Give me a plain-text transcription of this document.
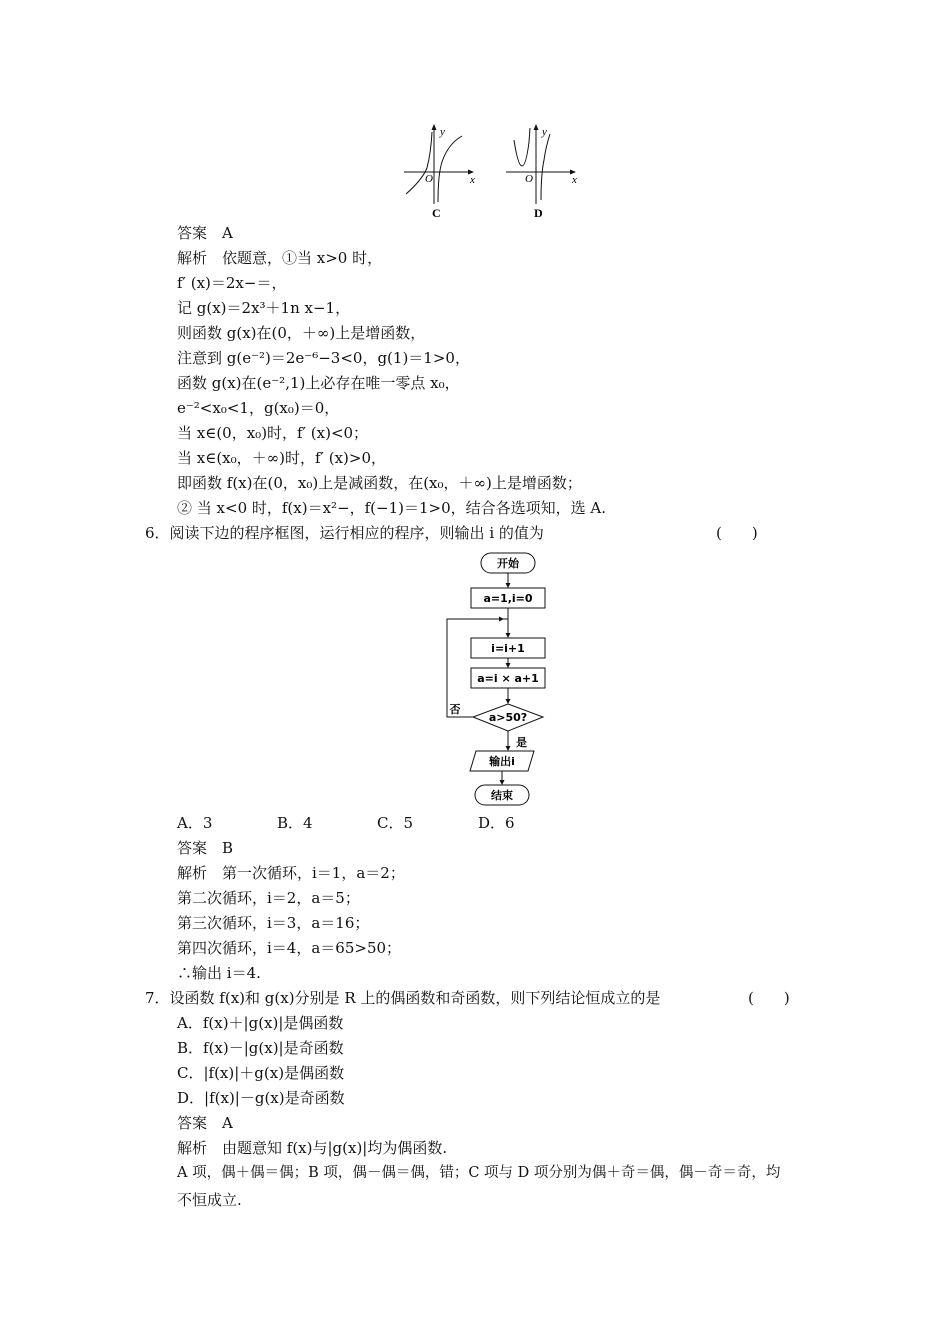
y
O	x
C
y
O	x
D
答案　A
解析　依题意，①当 x>0 时，
f′ (x)＝2x−＝，
记 g(x)＝2x³＋1n x−1，
则函数 g(x)在(0，＋∞)上是增函数，
注意到 g(e⁻²)＝2e⁻⁶−3<0，g(1)＝1>0，
函数 g(x)在(e⁻²,1)上必存在唯一零点 x₀，
e⁻²<x₀<1，g(x₀)＝0，
当 x∈(0，x₀)时，f′ (x)<0；
当 x∈(x₀，＋∞)时，f′ (x)>0，
即函数 f(x)在(0，x₀)上是减函数，在(x₀，＋∞)上是增函数；
② 当 x<0 时，f(x)＝x²−，f(−1)＝1>0，结合各选项知，选 A.
6．阅读下边的程序框图，运行相应的程序，则输出 i 的值为	(　　)
开始
a=1,i=0
i=i+1
a=i × a+1
a>50?
否
是
输出i
结束
A．3	B．4	C．5	D．6
答案　B
解析　第一次循环，i＝1，a＝2；
第二次循环，i＝2，a＝5；
第三次循环，i＝3，a＝16；
第四次循环，i＝4，a＝65>50；
∴输出 i＝4.
7．设函数 f(x)和 g(x)分别是 R 上的偶函数和奇函数，则下列结论恒成立的是	(　　)
A．f(x)＋|g(x)|是偶函数
B．f(x)－|g(x)|是奇函数
C．|f(x)|＋g(x)是偶函数
D．|f(x)|－g(x)是奇函数
答案　A
解析　由题意知 f(x)与|g(x)|均为偶函数.
A 项，偶＋偶＝偶；B 项，偶－偶＝偶，错；C 项与 D 项分别为偶＋奇＝偶，偶－奇＝奇，均
不恒成立.
